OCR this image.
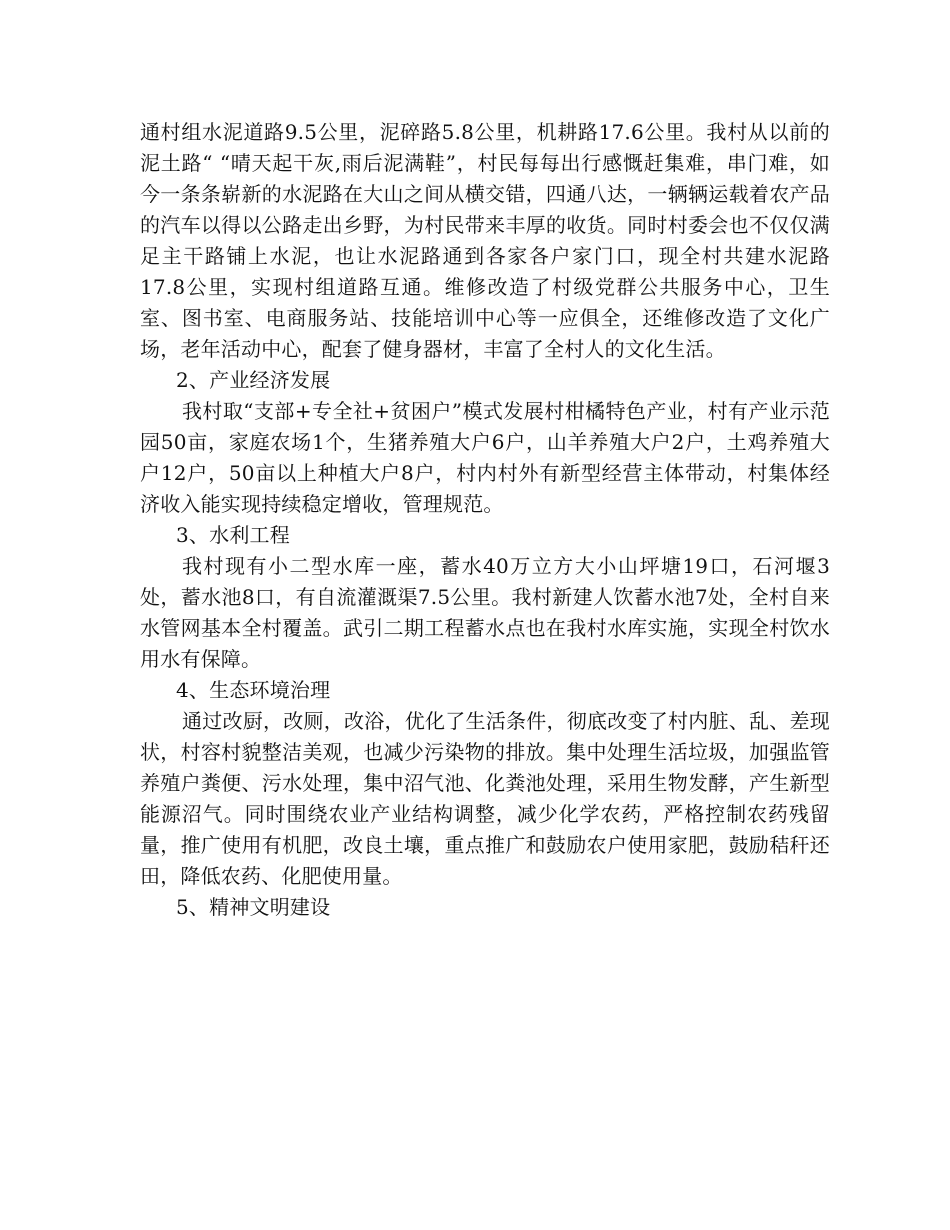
通村组水泥道路9.5公里，泥碎路5.8公里，机耕路17.6公里。我村从以前的泥土路“ “晴天起干灰,雨后泥满鞋”，村民每每出行感慨赶集难，串门难，如今一条条崭新的水泥路在大山之间从横交错，四通八达，一辆辆运载着农产品的汽车以得以公路走出乡野，为村民带来丰厚的收货。同时村委会也不仅仅满足主干路铺上水泥，也让水泥路通到各家各户家门口，现全村共建水泥路17.8公里，实现村组道路互通。维修改造了村级党群公共服务中心，卫生室、图书室、电商服务站、技能培训中心等一应俱全，还维修改造了文化广场，老年活动中心，配套了健身器材，丰富了全村人的文化生活。

2、产业经济发展

我村取“支部+专全社+贫困户”模式发展村柑橘特色产业，村有产业示范园50亩，家庭农场1个，生猪养殖大户6户，山羊养殖大户2户，土鸡养殖大户12户，50亩以上种植大户8户，村内村外有新型经营主体带动，村集体经济收入能实现持续稳定增收，管理规范。

3、水利工程

我村现有小二型水库一座，蓄水40万立方大小山坪塘19口，石河堰3处，蓄水池8口，有自流灌溉渠7.5公里。我村新建人饮蓄水池7处，全村自来水管网基本全村覆盖。武引二期工程蓄水点也在我村水库实施，实现全村饮水用水有保障。

4、生态环境治理

通过改厨，改厕，改浴，优化了生活条件，彻底改变了村内脏、乱、差现状，村容村貌整洁美观，也减少污染物的排放。集中处理生活垃圾，加强监管养殖户粪便、污水处理，集中沼气池、化粪池处理，采用生物发酵，产生新型能源沼气。同时围绕农业产业结构调整，减少化学农药，严格控制农药残留量，推广使用有机肥，改良土壤，重点推广和鼓励农户使用家肥，鼓励秸秆还田，降低农药、化肥使用量。

5、精神文明建设
